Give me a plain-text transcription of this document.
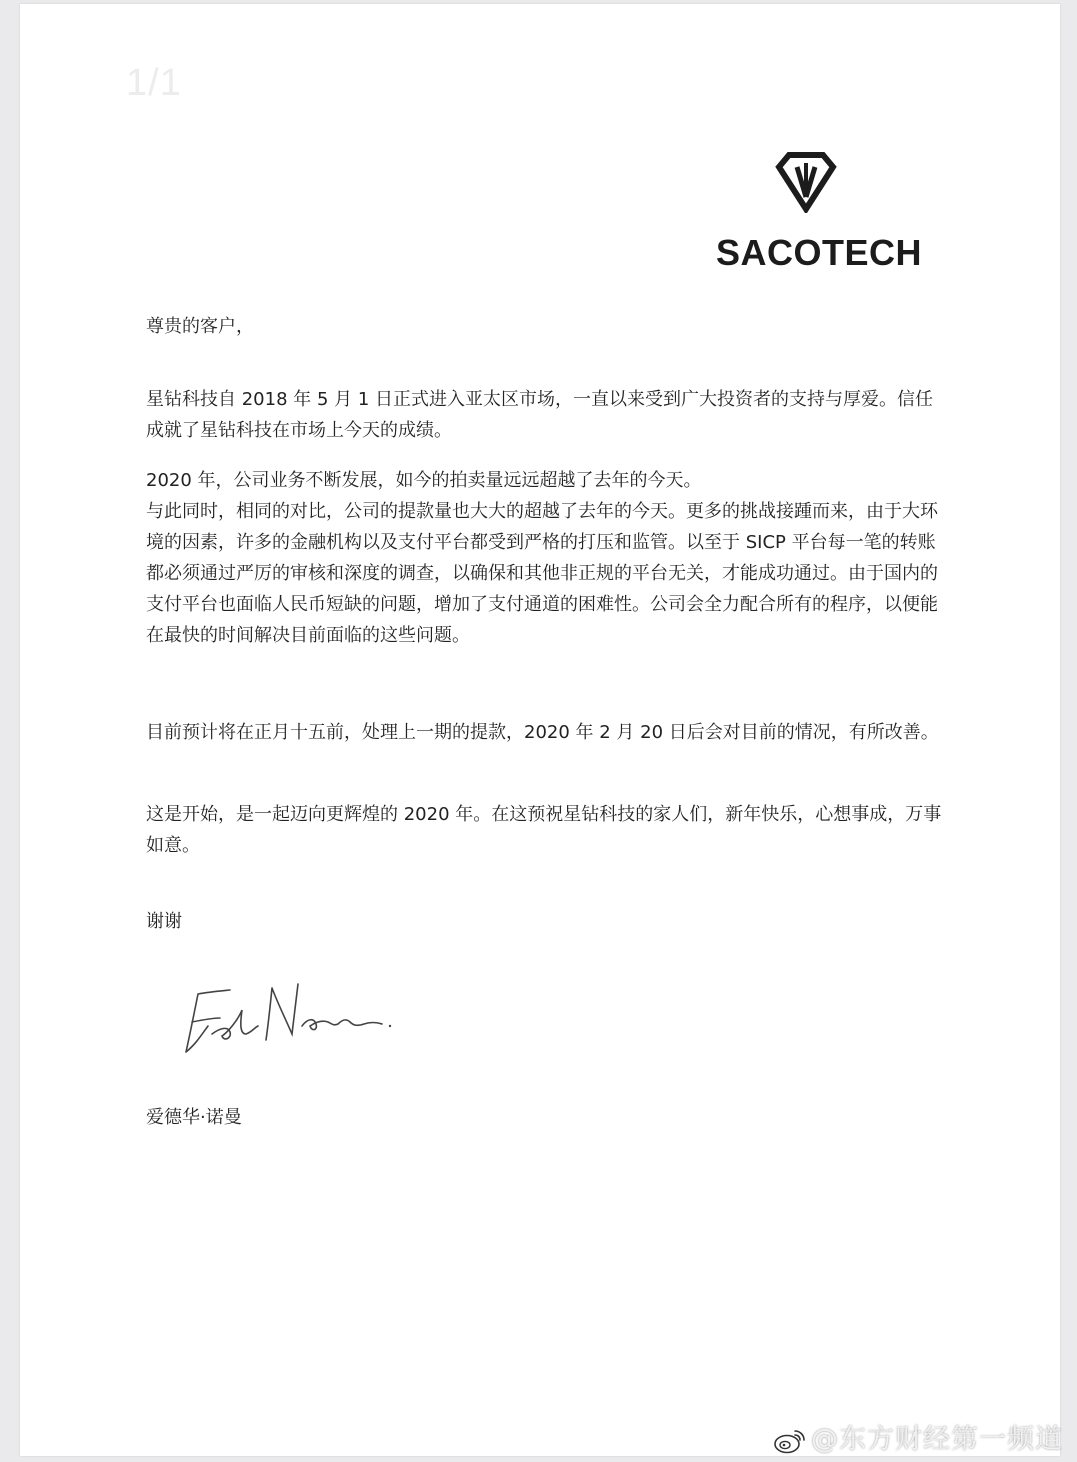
1/1
SACOTECH

尊贵的客户，

星钻科技自 2018 年 5 月 1 日正式进入亚太区市场，一直以来受到广大投资者的支持与厚爱。信任成就了星钻科技在市场上今天的成绩。

2020 年，公司业务不断发展，如今的拍卖量远远超越了去年的今天。
与此同时，相同的对比，公司的提款量也大大的超越了去年的今天。更多的挑战接踵而来，由于大环境的因素，许多的金融机构以及支付平台都受到严格的打压和监管。以至于 SICP 平台每一笔的转账都必须通过严厉的审核和深度的调查，以确保和其他非正规的平台无关，才能成功通过。由于国内的支付平台也面临人民币短缺的问题，增加了支付通道的困难性。公司会全力配合所有的程序，以便能在最快的时间解决目前面临的这些问题。

目前预计将在正月十五前，处理上一期的提款，2020 年 2 月 20 日后会对目前的情况，有所改善。

这是开始，是一起迈向更辉煌的 2020 年。在这预祝星钻科技的家人们，新年快乐，心想事成，万事如意。

谢谢

爱德华·诺曼

@东方财经第一频道
